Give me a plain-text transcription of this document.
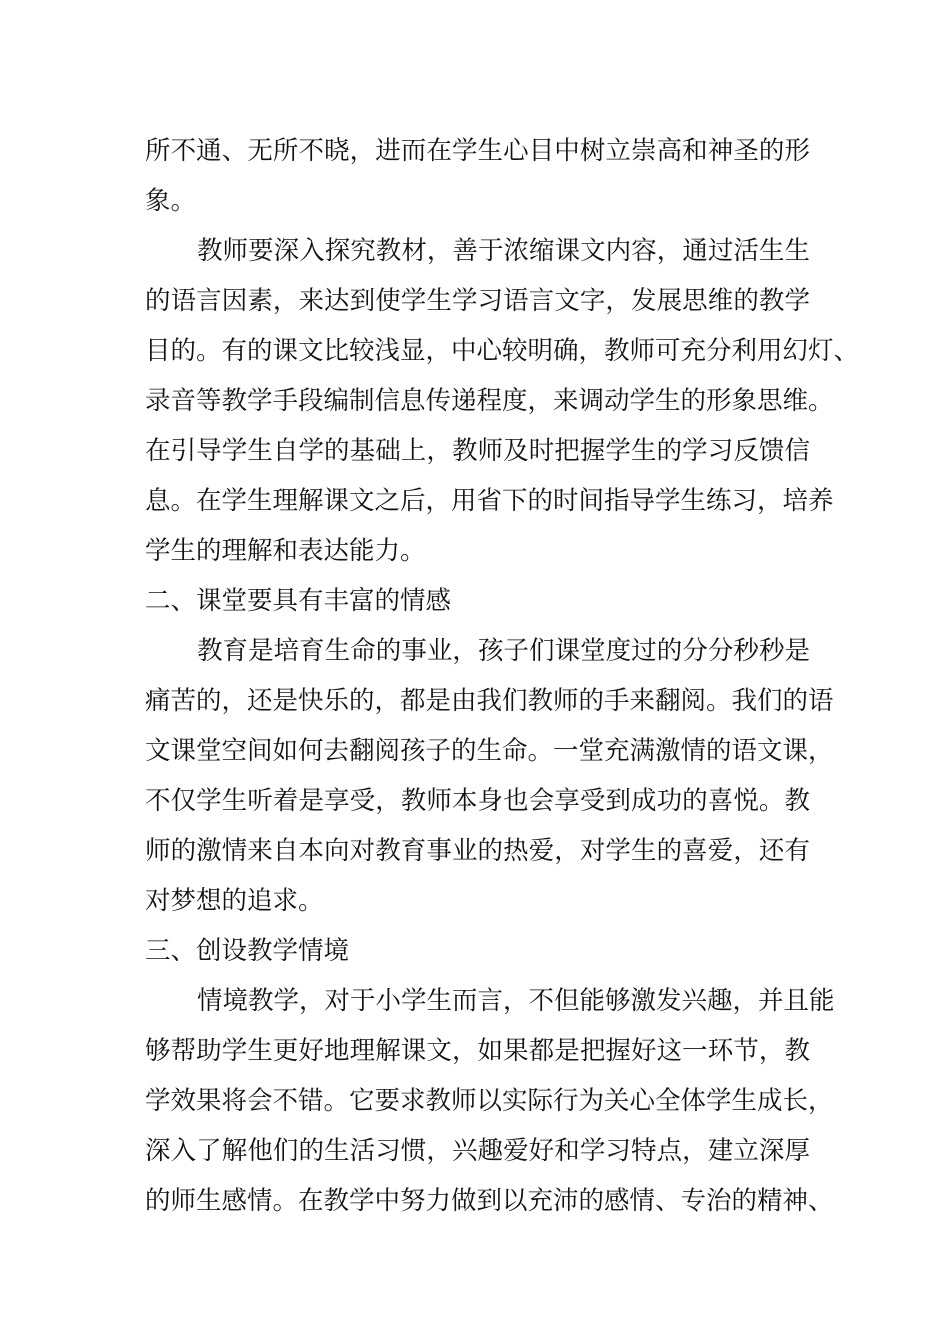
所不通、无所不晓，进而在学生心目中树立崇高和神圣的形
象。
教师要深入探究教材，善于浓缩课文内容，通过活生生
的语言因素，来达到使学生学习语言文字，发展思维的教学
目的。有的课文比较浅显，中心较明确，教师可充分利用幻灯、
录音等教学手段编制信息传递程度，来调动学生的形象思维。
在引导学生自学的基础上，教师及时把握学生的学习反馈信
息。在学生理解课文之后，用省下的时间指导学生练习，培养
学生的理解和表达能力。
二、课堂要具有丰富的情感
教育是培育生命的事业，孩子们课堂度过的分分秒秒是
痛苦的，还是快乐的，都是由我们教师的手来翻阅。我们的语
文课堂空间如何去翻阅孩子的生命。一堂充满激情的语文课，
不仅学生听着是享受，教师本身也会享受到成功的喜悦。教
师的激情来自本向对教育事业的热爱，对学生的喜爱，还有
对梦想的追求。
三、创设教学情境
情境教学，对于小学生而言，不但能够激发兴趣，并且能
够帮助学生更好地理解课文，如果都是把握好这一环节，教
学效果将会不错。它要求教师以实际行为关心全体学生成长，
深入了解他们的生活习惯，兴趣爱好和学习特点，建立深厚
的师生感情。在教学中努力做到以充沛的感情、专治的精神、
